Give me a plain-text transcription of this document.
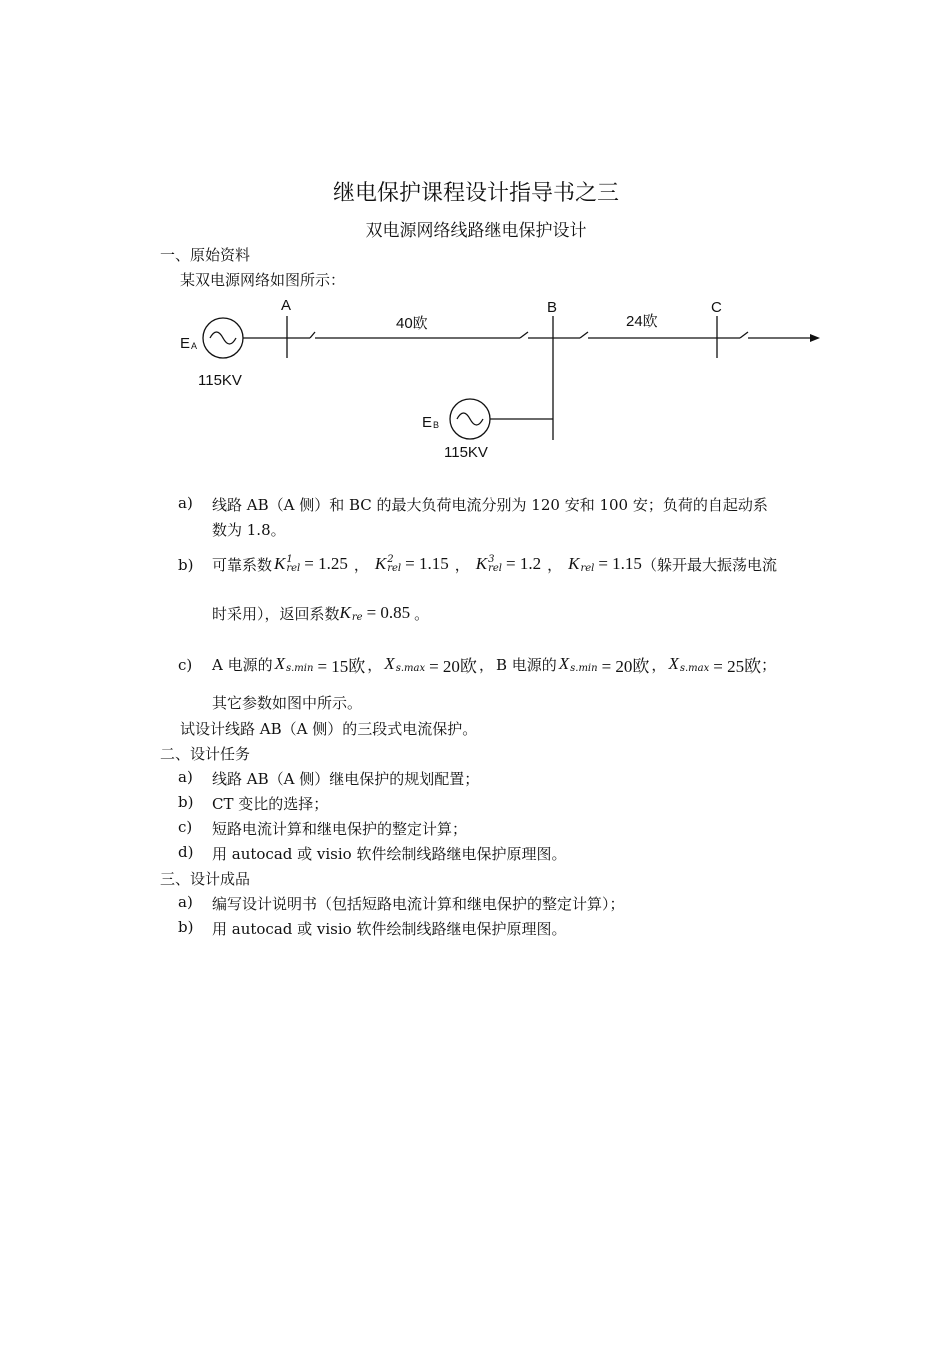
继电保护课程设计指导书之三
双电源网络线路继电保护设计
一、原始资料
某双电源网络如图所示：
A	B	C
40欧	24欧
E A
115KV
E B
115KV
a) 线路 AB（A 侧）和 BC 的最大负荷电流分别为 120 安和 100 安；负荷的自起动系
数为 1.8。
b) 可靠系数 K 1
rel = 1.25 ， K 2
rel = 1.15 ， K 3
rel = 1.2 ， K rel = 1.15 （躲开最大振荡电流
时采用），返回系数 K re = 0.85 。
c) A 电源的 X s.min = 15欧 ， X s.max = 20欧 ， B 电源的 X s.min = 20欧 ， X s.max = 25欧 ；
其它参数如图中所示。
试设计线路 AB（A 侧）的三段式电流保护。
二、设计任务
a) 线路 AB（A 侧）继电保护的规划配置；
b) CT 变比的选择；
c) 短路电流计算和继电保护的整定计算；
d) 用 autocad 或 visio 软件绘制线路继电保护原理图。
三、设计成品
a) 编写设计说明书（包括短路电流计算和继电保护的整定计算）；
b) 用 autocad 或 visio 软件绘制线路继电保护原理图。
